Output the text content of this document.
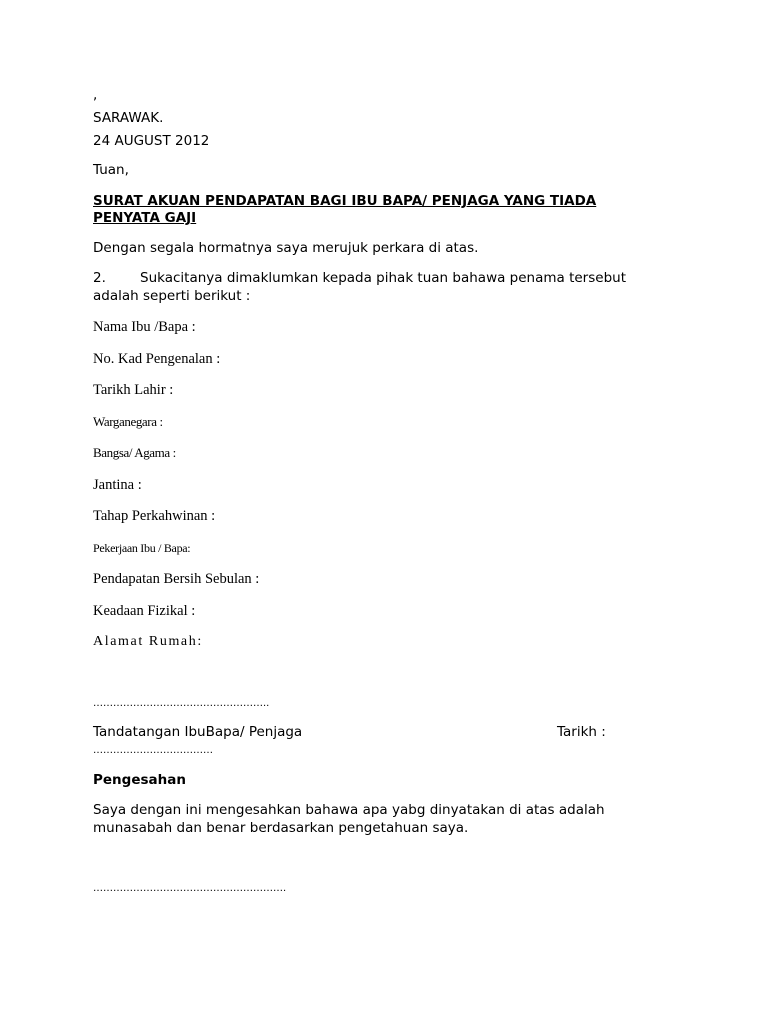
,

SARAWAK.

24 AUGUST 2012

Tuan,

SURAT AKUAN PENDAPATAN BAGI IBU BAPA/ PENJAGA YANG TIADA

PENYATA GAJI

Dengan segala hormatnya saya merujuk perkara di atas.

2.	Sukacitanya dimaklumkan kepada pihak tuan bahawa penama tersebut

adalah seperti berikut :

Nama Ibu /Bapa :

No. Kad Pengenalan :

Tarikh Lahir :

Warganegara :

Bangsa/ Agama :

Jantina :

Tahap Perkahwinan :

Pekerjaan Ibu / Bapa:

Pendapatan Bersih Sebulan :

Keadaan Fizikal :

Alamat Rumah:

……………………………………………..

Tandatangan IbuBapa/ Penjaga	Tarikh :

………………………………

Pengesahan

Saya dengan ini mengesahkan bahawa apa yabg dinyatakan di atas adalah

munasabah dan benar berdasarkan pengetahuan saya.

………………………………………………….
